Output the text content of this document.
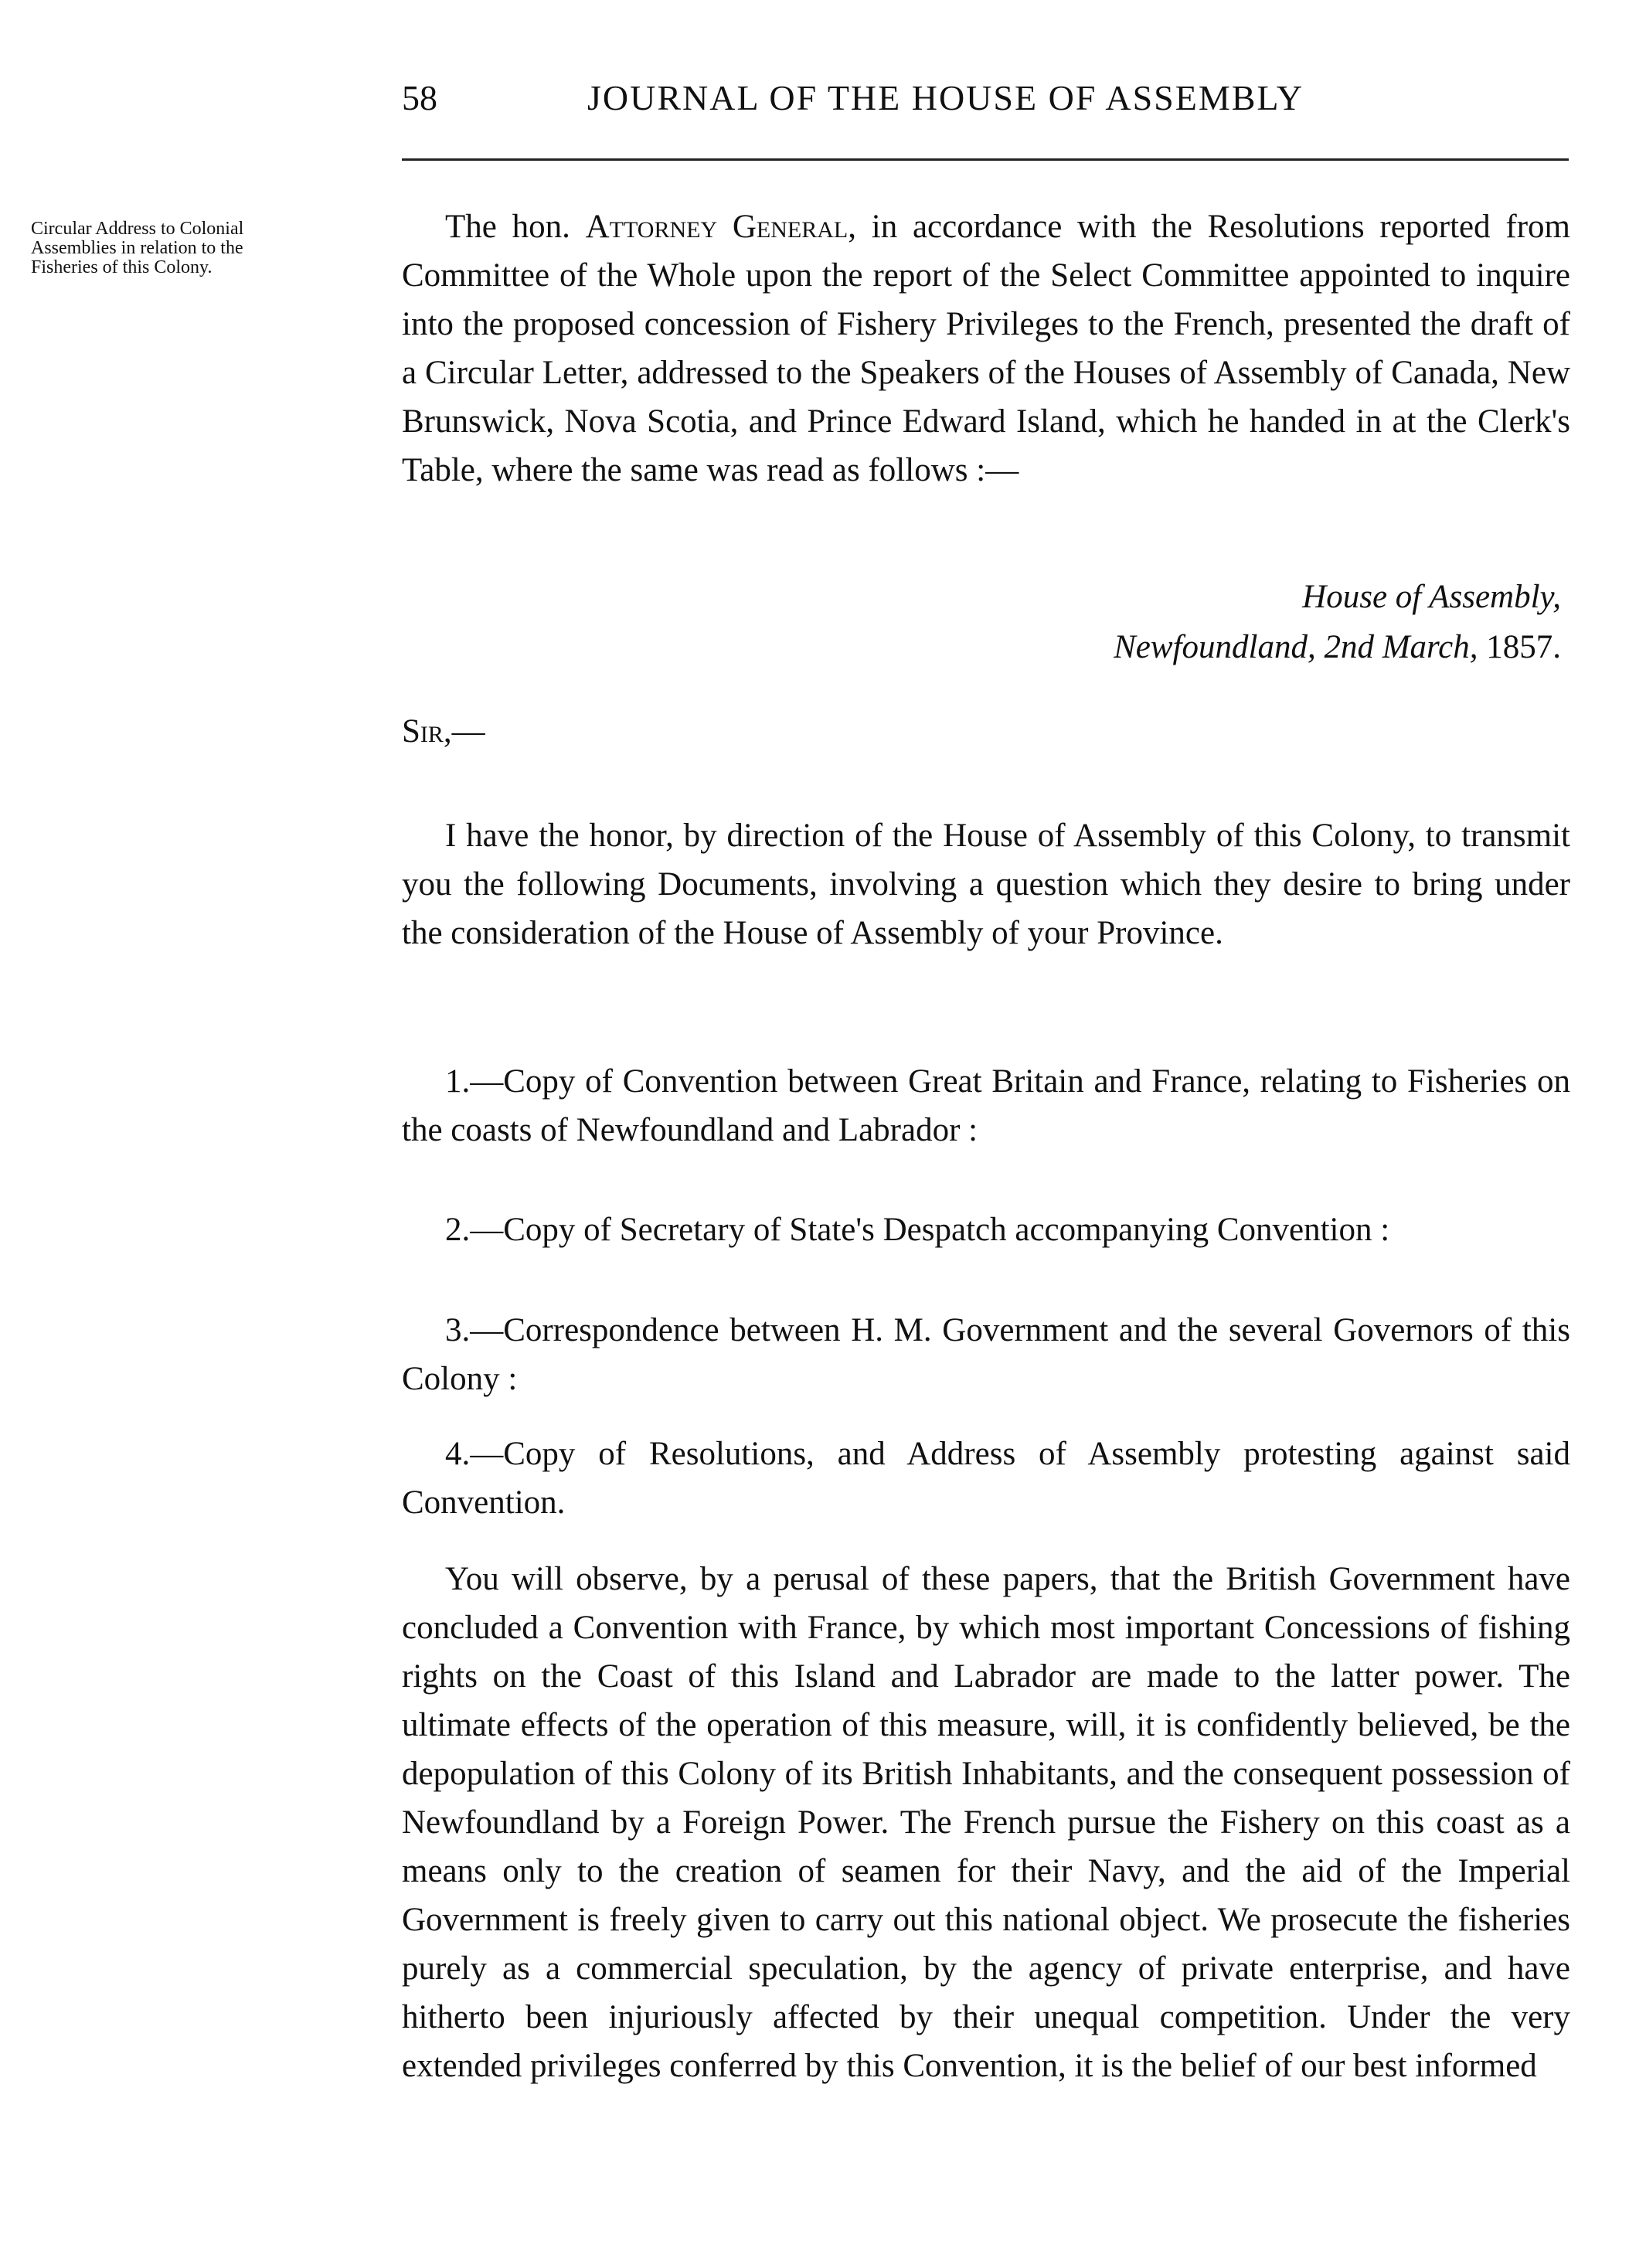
58	JOURNAL OF THE HOUSE OF ASSEMBLY
Circular Address to Colonial
Assemblies in relation to the
Fisheries of this Colony.

The hon. Attorney General, in accordance with the Resolutions reported from Committee of the Whole upon the report of the Select Committee appointed to inquire into the proposed concession of Fishery Privileges to the French, presented the draft of a Circular Letter, addressed to the Speakers of the Houses of Assembly of Canada, New Brunswick, Nova Scotia, and Prince Edward Island, which he handed in at the Clerk's Table, where the same was read as follows :—

House of Assembly,
Newfoundland, 2nd March, 1857.
Sir,—

I have the honor, by direction of the House of Assembly of this Colony, to transmit you the following Documents, involving a question which they desire to bring under the consideration of the House of Assembly of your Province.

1.—Copy of Convention between Great Britain and France, relating to Fisheries on the coasts of Newfoundland and Labrador :

2.—Copy of Secretary of State's Despatch accompanying Convention :

3.—Correspondence between H. M. Government and the several Governors of this Colony :

4.—Copy of Resolutions, and Address of Assembly protesting against said Convention.

You will observe, by a perusal of these papers, that the British Government have concluded a Convention with France, by which most important Concessions of fishing rights on the Coast of this Island and Labrador are made to the latter power. The ultimate effects of the operation of this measure, will, it is confidently believed, be the depopulation of this Colony of its British Inhabitants, and the consequent possession of Newfoundland by a Foreign Power. The French pursue the Fishery on this coast as a means only to the creation of seamen for their Navy, and the aid of the Imperial Government is freely given to carry out this national object. We prosecute the fisheries purely as a commercial speculation, by the agency of private enterprise, and have hitherto been injuriously affected by their unequal competition. Under the very extended privileges conferred by this Convention, it is the belief of our best informed
